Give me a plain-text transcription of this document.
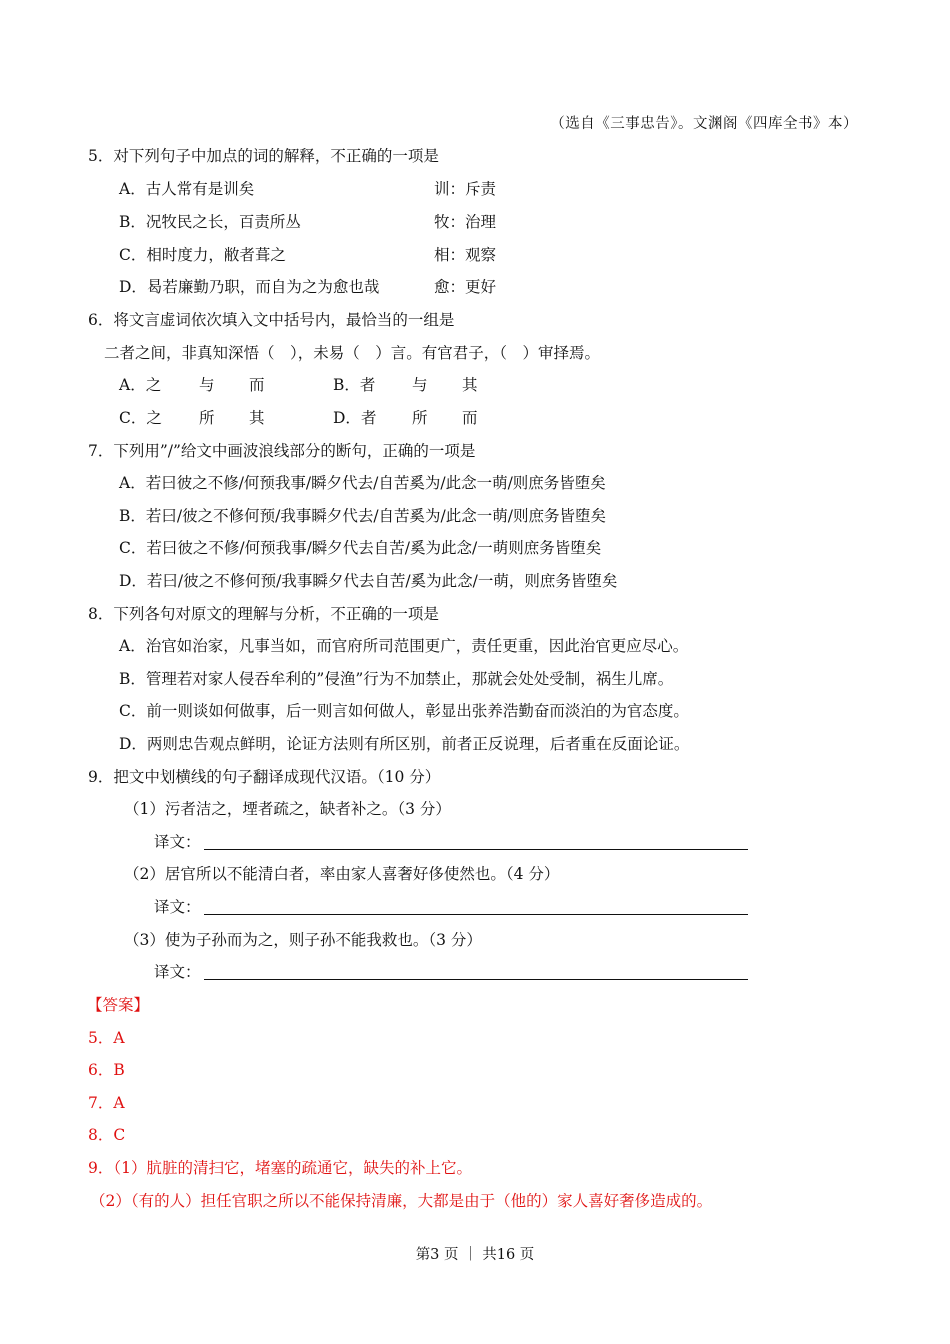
（选自《三事忠告》。文渊阁《四库全书》本）
5．对下列句子中加点的词的解释，不正确的一项是
A．古人常有是训矣	训：斥责
B．况牧民之长，百责所丛	牧：治理
C．相时度力，敝者葺之	相：观察
D．曷若廉勤乃职，而自为之为愈也哉	愈：更好
6．将文言虚词依次填入文中括号内，最恰当的一组是
二者之间，非真知深悟（　），未易（　）言。有官君子，（　）审择焉。
A．之 与 而	B．者 与 其
C．之 所 其	D．者 所 而
7．下列用”/”给文中画波浪线部分的断句，正确的一项是
A．若曰彼之不修/何预我事/瞬夕代去/自苦奚为/此念一萌/则庶务皆堕矣
B．若曰/彼之不修何预/我事瞬夕代去/自苦奚为/此念一萌/则庶务皆堕矣
C．若曰彼之不修/何预我事/瞬夕代去自苦/奚为此念/一萌则庶务皆堕矣
D．若曰/彼之不修何预/我事瞬夕代去自苦/奚为此念/一萌，则庶务皆堕矣
8．下列各句对原文的理解与分析，不正确的一项是
A．治官如治家，凡事当如，而官府所司范围更广，责任更重，因此治官更应尽心。
B．管理若对家人侵吞牟利的”侵渔”行为不加禁止，那就会处处受制，祸生儿席。
C．前一则谈如何做事，后一则言如何做人，彰显出张养浩勤奋而淡泊的为官态度。
D．两则忠告观点鲜明，论证方法则有所区别，前者正反说理，后者重在反面论证。
9．把文中划横线的句子翻译成现代汉语。（10 分）
（1）污者洁之，堙者疏之，缺者补之。（3 分）
译文：
（2）居官所以不能清白者，率由家人喜奢好侈使然也。（4 分）
译文：
（3）使为子孙而为之，则子孙不能我救也。（3 分）
译文：
【答案】
5．A
6．B
7．A
8．C
9．（1）肮脏的清扫它，堵塞的疏通它，缺失的补上它。
（2）（有的人）担任官职之所以不能保持清廉，大都是由于（他的）家人喜好奢侈造成的。
第3 页 ｜ 共16 页
